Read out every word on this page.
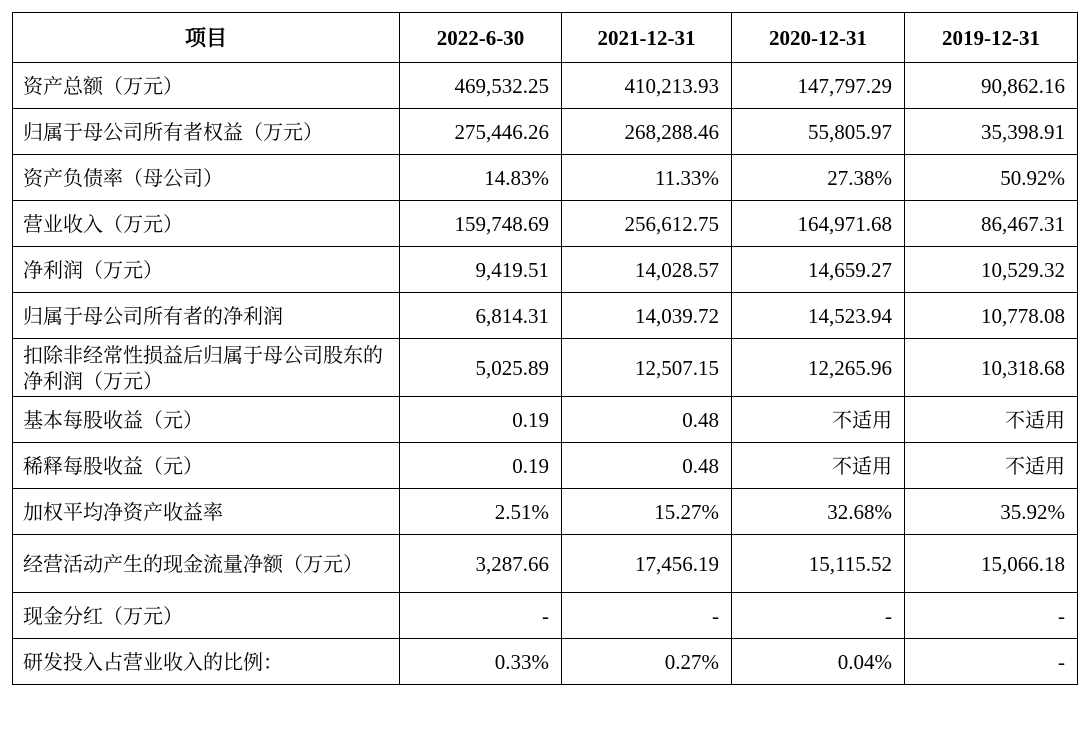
项目	2022-6-30	2021-12-31	2020-12-31	2019-12-31
资产总额（万元）	469,532.25	410,213.93	147,797.29	90,862.16
归属于母公司所有者权益（万元）	275,446.26	268,288.46	55,805.97	35,398.91
资产负债率（母公司）	14.83%	11.33%	27.38%	50.92%
营业收入（万元）	159,748.69	256,612.75	164,971.68	86,467.31
净利润（万元）	9,419.51	14,028.57	14,659.27	10,529.32
归属于母公司所有者的净利润	6,814.31	14,039.72	14,523.94	10,778.08
扣除非经常性损益后归属于母公司股东的净利润（万元）	5,025.89	12,507.15	12,265.96	10,318.68
基本每股收益（元）	0.19	0.48	不适用	不适用
稀释每股收益（元）	0.19	0.48	不适用	不适用
加权平均净资产收益率	2.51%	15.27%	32.68%	35.92%
经营活动产生的现金流量净额（万元）	3,287.66	17,456.19	15,115.52	15,066.18
现金分红（万元）	-	-	-	-
研发投入占营业收入的比例：	0.33%	0.27%	0.04%	-
